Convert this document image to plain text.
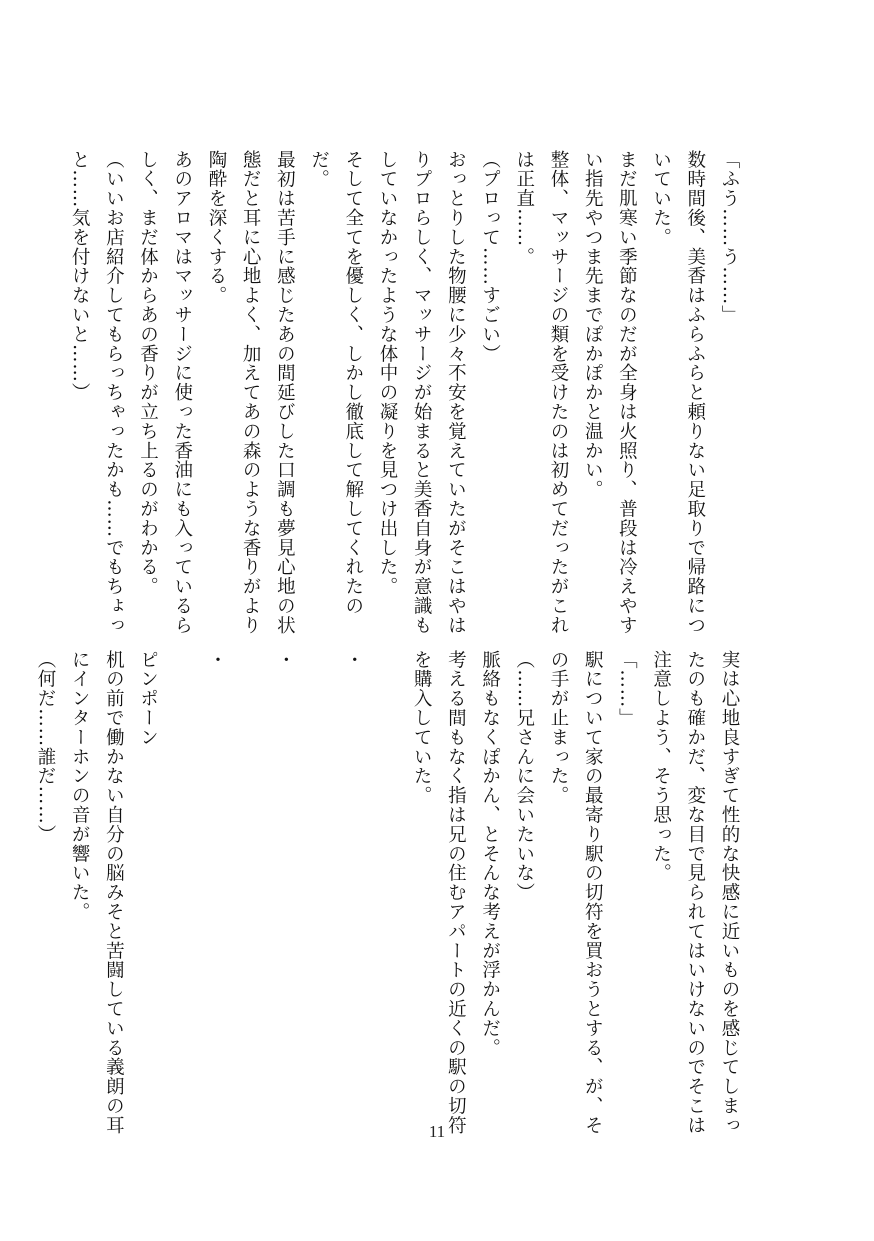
「ふう……う……」
数時間後、美香はふらふらと頼りない足取りで帰路につ
いていた。
まだ肌寒い季節なのだが全身は火照り、普段は冷えやす
い指先やつま先までぽかぽかと温かい。
整体、マッサージの類を受けたのは初めてだったがこれ
は正直……。
（プロって……すごい）
おっとりした物腰に少々不安を覚えていたがそこはやは
りプロらしく、マッサージが始まると美香自身が意識も
していなかったような体中の凝りを見つけ出した。
そして全てを優しく、しかし徹底して解してくれたの
だ。
最初は苦手に感じたあの間延びした口調も夢見心地の状
態だと耳に心地よく、加えてあの森のような香りがより
陶酔を深くする。
あのアロマはマッサージに使った香油にも入っているら
しく、まだ体からあの香りが立ち上るのがわかる。
（いいお店紹介してもらっちゃったかも……でもちょっ
と……気を付けないと……）
実は心地良すぎて性的な快感に近いものを感じてしまっ
たのも確かだ、変な目で見られてはいけないのでそこは
注意しよう、そう思った。
「……」
駅について家の最寄り駅の切符を買おうとする、が、そ
の手が止まった。
（……兄さんに会いたいな）
脈絡もなくぽかん、とそんな考えが浮かんだ。
考える間もなく指は兄の住むアパートの近くの駅の切符
を購入していた。
・
・
・
ピンポーン
机の前で働かない自分の脳みそと苦闘している義朗の耳
にインターホンの音が響いた。
（何だ……誰だ……）
11
